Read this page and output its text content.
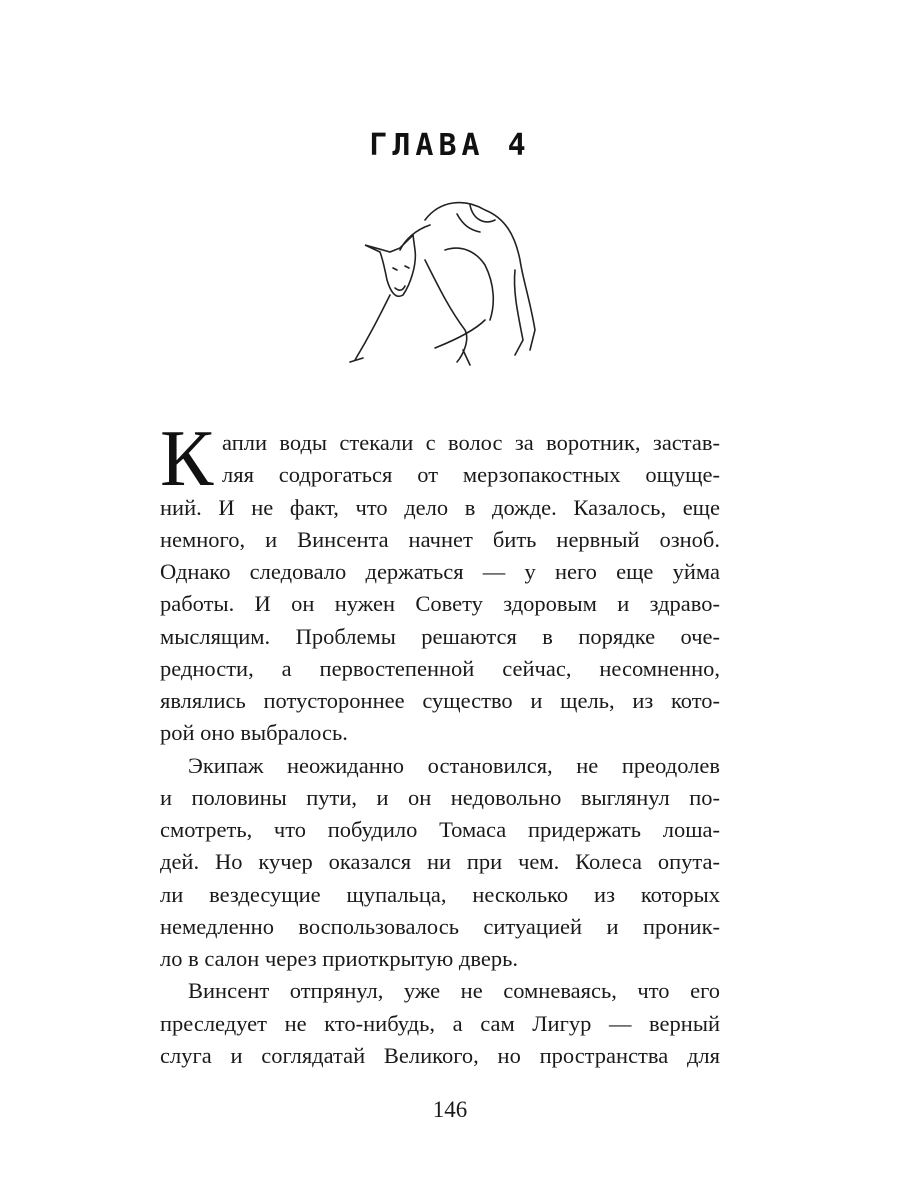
ГЛАВА 4
К апли воды стекали с волос за воротник, застав-
ляя содрогаться от мерзопакостных ощуще-
ний. И не факт, что дело в дожде. Казалось, еще
немного, и Винсента начнет бить нервный озноб.
Однако следовало держаться — у него еще уйма
работы. И он нужен Совету здоровым и здраво-
мыслящим. Проблемы решаются в порядке оче-
редности, а первостепенной сейчас, несомненно,
являлись потустороннее существо и щель, из кото-
рой оно выбралось.
Экипаж неожиданно остановился, не преодолев
и половины пути, и он недовольно выглянул по-
смотреть, что побудило Томаса придержать лоша-
дей. Но кучер оказался ни при чем. Колеса опута-
ли вездесущие щупальца, несколько из которых
немедленно воспользовалось ситуацией и проник-
ло в салон через приоткрытую дверь.
Винсент отпрянул, уже не сомневаясь, что его
преследует не кто-нибудь, а сам Лигур — верный
слуга и соглядатай Великого, но пространства для
146
